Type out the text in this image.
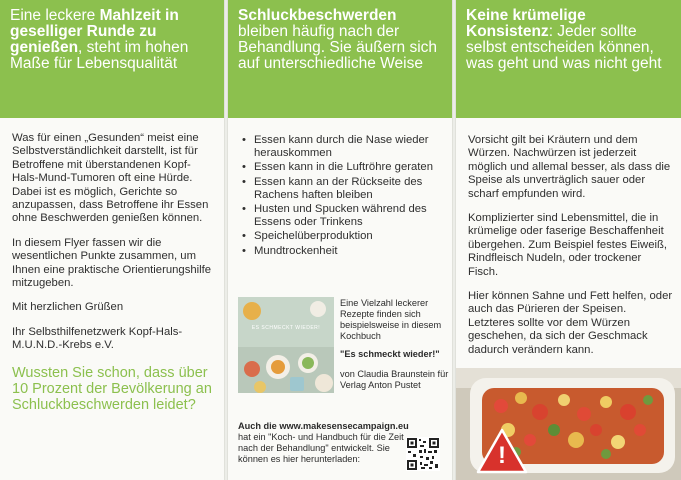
Eine leckere Mahlzeit in geselliger Runde zu genießen, steht im hohen Maße für Lebensqualität

Was für einen „Gesunden“ meist eine Selbstverständlichkeit darstellt, ist für Betroffene mit überstandenen Kopf-Hals-Mund-Tumoren oft eine Hürde. Dabei ist es möglich, Gerichte so anzupassen, dass Betroffene ihr Essen ohne Beschwerden genießen können.

In diesem Flyer fassen wir die wesentlichen Punkte zusammen, um Ihnen eine praktische Orientierungshilfe mitzugeben.

Mit herzlichen Grüßen

Ihr Selbsthilfenetzwerk Kopf-Hals-M.U.N.D.-Krebs e.V.

Wussten Sie schon, dass über 10 Prozent der Bevölkerung an Schluckbeschwerden leidet?
Schluckbeschwerden
bleiben häufig nach der Behandlung. Sie äußern sich auf unterschiedliche Weise
• Essen kann durch die Nase wieder herauskommen
• Essen kann in die Luftröhre geraten
• Essen kann an der Rückseite des Rachens haften bleiben
• Husten und Spucken während des Essens oder Trinkens
• Speichelüberproduktion
• Mundtrockenheit
ES SCHMECKT WIEDER!
Eine Vielzahl leckerer Rezepte finden sich beispielsweise in diesem Kochbuch
"Es schmeckt wieder!"
von Claudia Braunstein für Verlag Anton Pustet
Auch die www.makesensecampaign.eu
hat ein "Koch- und Handbuch für die Zeit nach der Behandlung" entwickelt. Sie können es hier herunterladen:
Keine krümelige Konsistenz: Jeder sollte selbst entscheiden können, was geht und was nicht geht

Vorsicht gilt bei Kräutern und dem Würzen. Nachwürzen ist jederzeit möglich und allemal besser, als dass die Speise als unverträglich sauer oder scharf empfunden wird.

Komplizierter sind Lebensmittel, die in krümelige oder faserige Beschaffenheit übergehen. Zum Beispiel festes Eiweiß, Rindfleisch Nudeln, oder trockener Fisch.

Hier können Sahne und Fett helfen, oder auch das Pürieren der Speisen. Letzteres sollte vor dem Würzen geschehen, da sich der Geschmack dadurch verändern kann.

!
